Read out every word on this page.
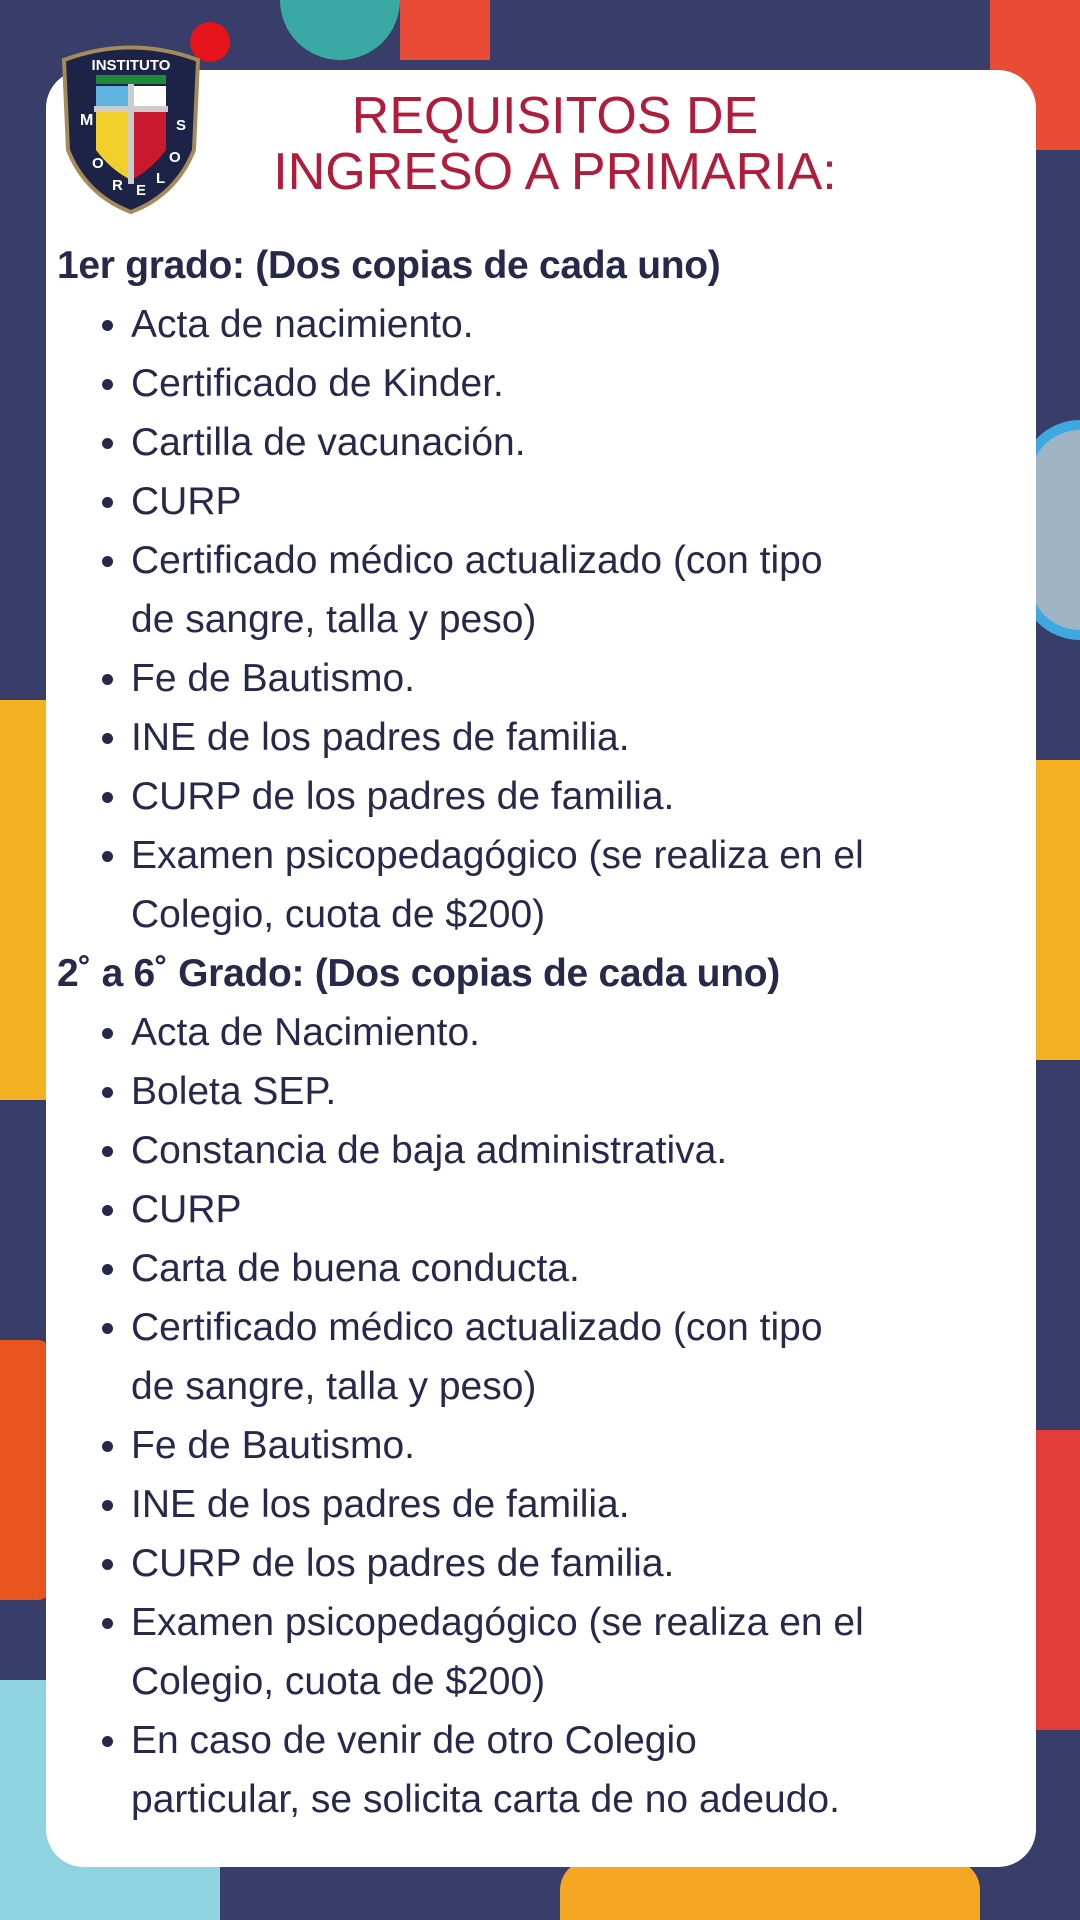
INSTITUTO
M
O
R E
L
O
S	REQUISITOS DE INGRESO A PRIMARIA:
1er grado: (Dos copias de cada uno)
Acta de nacimiento.
Certificado de Kinder.
Cartilla de vacunación.
CURP
Certificado médico actualizado (con tipo
de sangre, talla y peso)
Fe de Bautismo.
INE de los padres de familia.
CURP de los padres de familia.
Examen psicopedagógico (se realiza en el
Colegio, cuota de $200)
2˚ a 6˚ Grado: (Dos copias de cada uno)
Acta de Nacimiento.
Boleta SEP.
Constancia de baja administrativa.
CURP
Carta de buena conducta.
Certificado médico actualizado (con tipo
de sangre, talla y peso)
Fe de Bautismo.
INE de los padres de familia.
CURP de los padres de familia.
Examen psicopedagógico (se realiza en el
Colegio, cuota de $200)
En caso de venir de otro Colegio
particular, se solicita carta de no adeudo.
